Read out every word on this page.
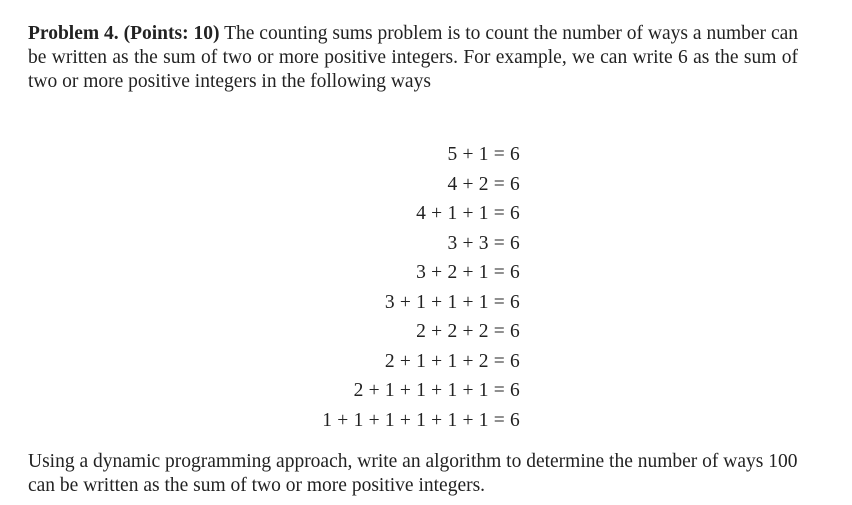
Problem 4. (Points: 10) The counting sums problem is to count the number of ways a number can be written as the sum of two or more positive integers. For example, we can write 6 as the sum of two or more positive integers in the following ways

5 + 1 = 6
4 + 2 = 6
4 + 1 + 1 = 6
3 + 3 = 6
3 + 2 + 1 = 6
3 + 1 + 1 + 1 = 6
2 + 2 + 2 = 6
2 + 1 + 1 + 2 = 6
2 + 1 + 1 + 1 + 1 = 6
1 + 1 + 1 + 1 + 1 + 1 = 6

Using a dynamic programming approach, write an algorithm to determine the number of ways 100 can be written as the sum of two or more positive integers.
